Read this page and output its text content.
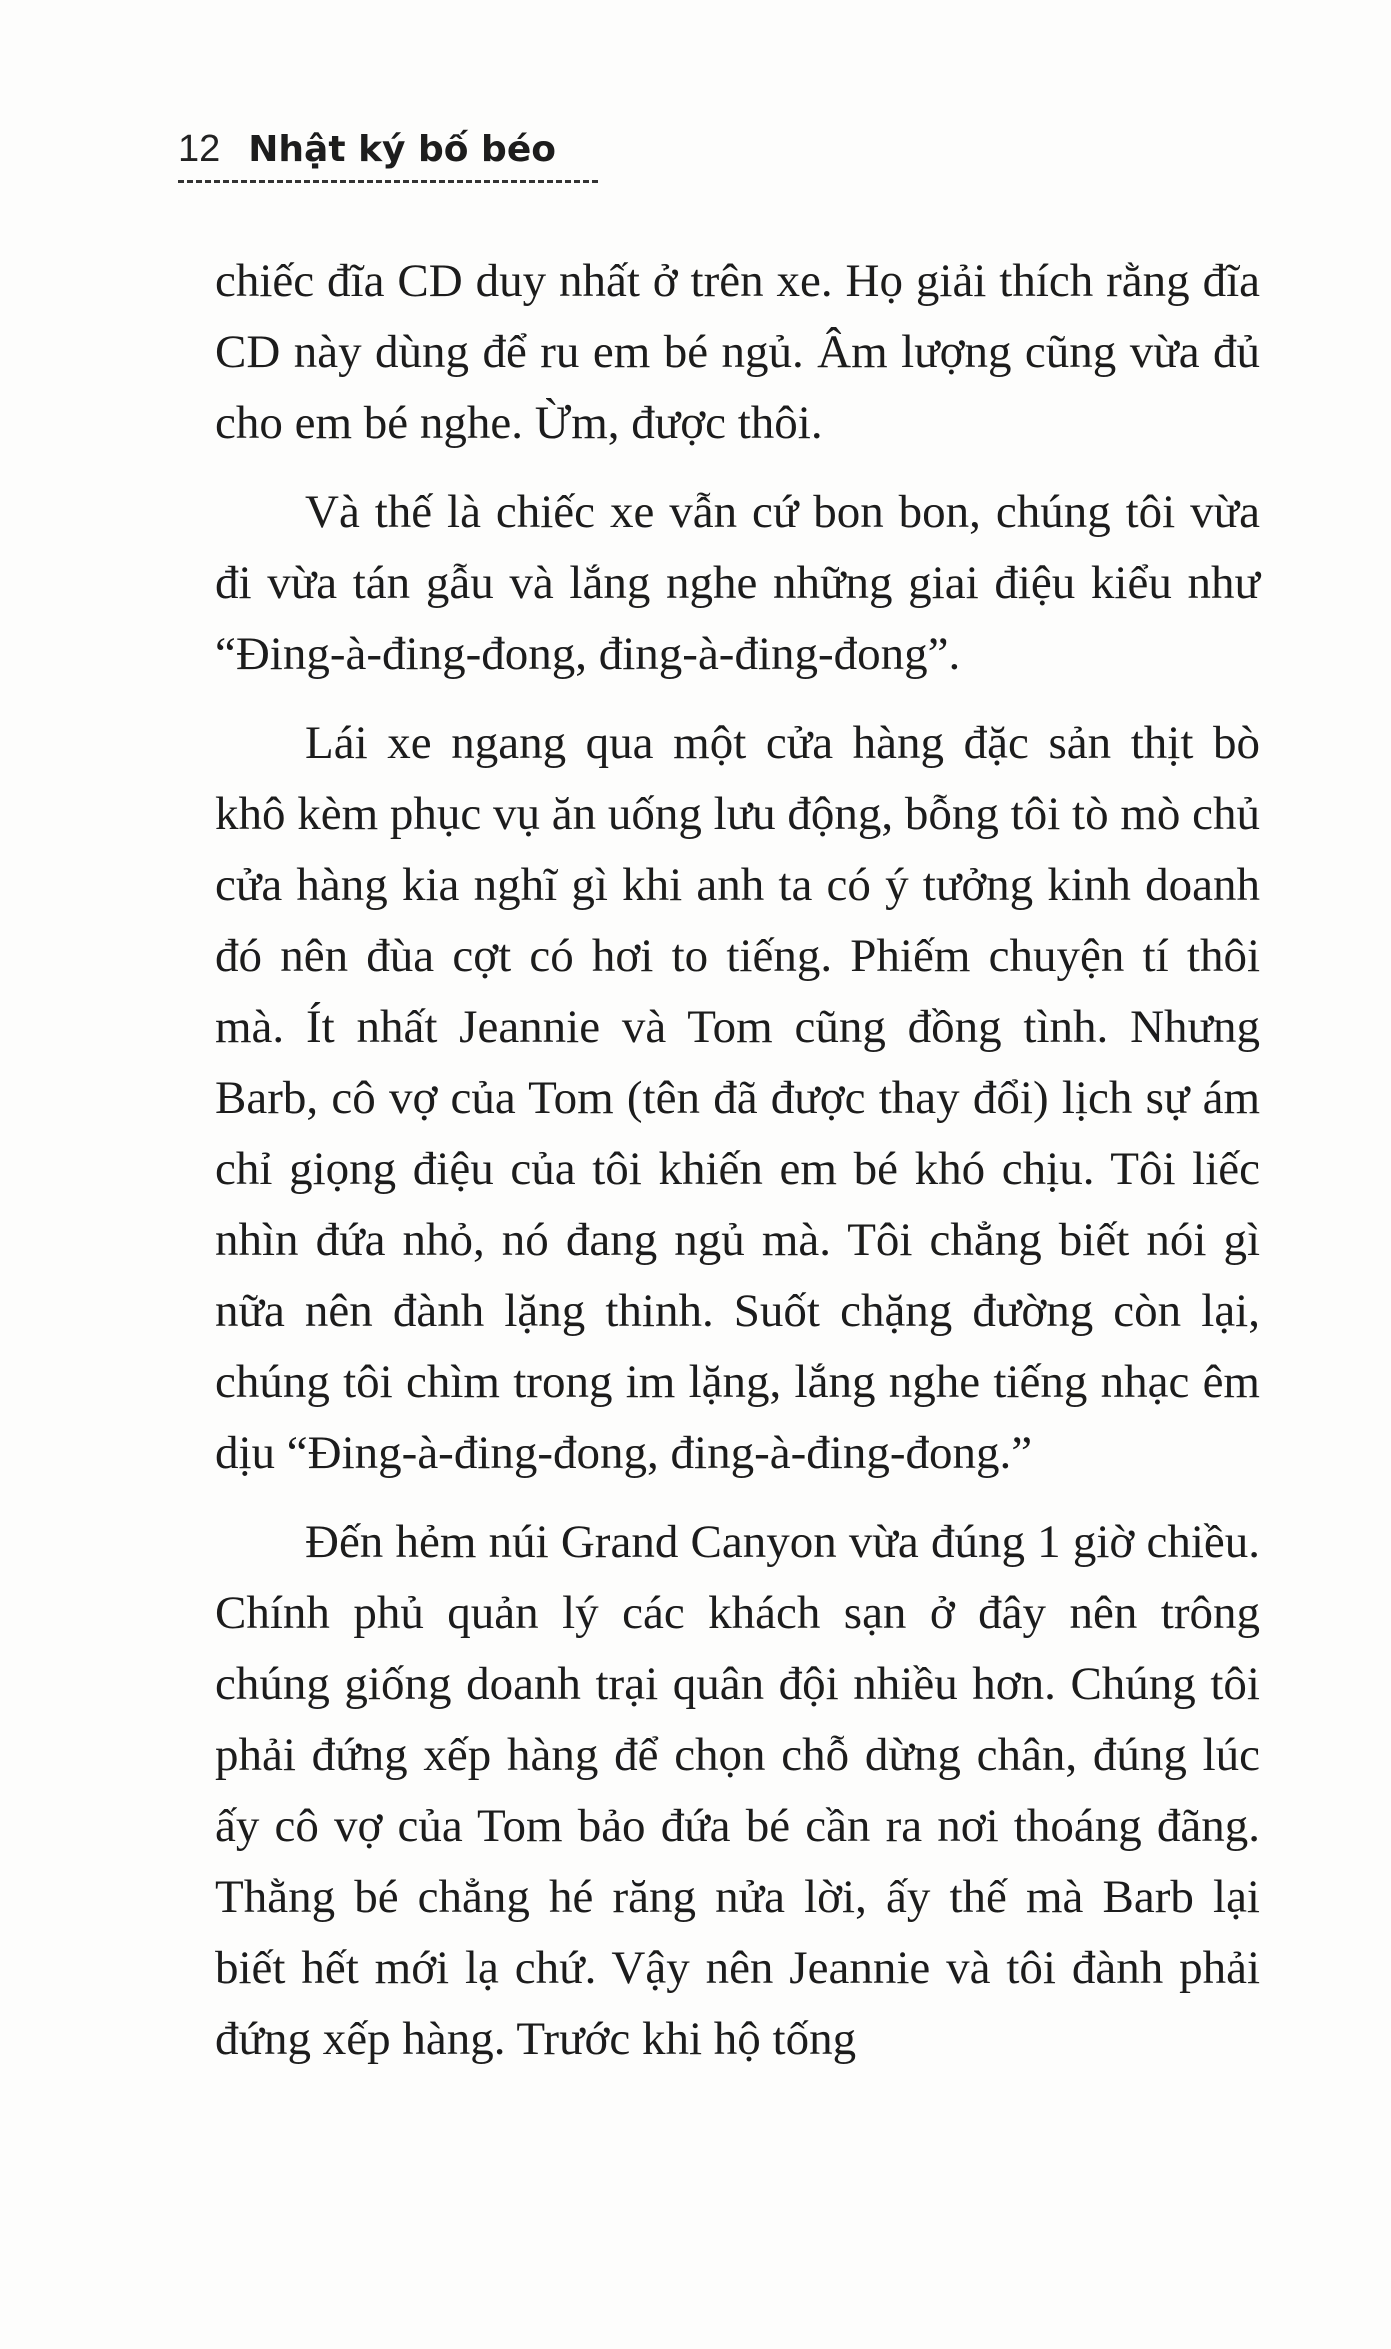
12 Nhật ký bố béo

chiếc đĩa CD duy nhất ở trên xe. Họ giải thích rằng đĩa CD này dùng để ru em bé ngủ. Âm lượng cũng vừa đủ cho em bé nghe. Ừm, được thôi.

Và thế là chiếc xe vẫn cứ bon bon, chúng tôi vừa đi vừa tán gẫu và lắng nghe những giai điệu kiểu như “Đing-à-đing-đong, đing-à-đing-đong”.

Lái xe ngang qua một cửa hàng đặc sản thịt bò khô kèm phục vụ ăn uống lưu động, bỗng tôi tò mò chủ cửa hàng kia nghĩ gì khi anh ta có ý tưởng kinh doanh đó nên đùa cợt có hơi to tiếng. Phiếm chuyện tí thôi mà. Ít nhất Jeannie và Tom cũng đồng tình. Nhưng Barb, cô vợ của Tom (tên đã được thay đổi) lịch sự ám chỉ giọng điệu của tôi khiến em bé khó chịu. Tôi liếc nhìn đứa nhỏ, nó đang ngủ mà. Tôi chẳng biết nói gì nữa nên đành lặng thinh. Suốt chặng đường còn lại, chúng tôi chìm trong im lặng, lắng nghe tiếng nhạc êm dịu “Đing-à-đing-đong, đing-à-đing-đong.”

Đến hẻm núi Grand Canyon vừa đúng 1 giờ chiều. Chính phủ quản lý các khách sạn ở đây nên trông chúng giống doanh trại quân đội nhiều hơn. Chúng tôi phải đứng xếp hàng để chọn chỗ dừng chân, đúng lúc ấy cô vợ của Tom bảo đứa bé cần ra nơi thoáng đãng. Thằng bé chẳng hé răng nửa lời, ấy thế mà Barb lại biết hết mới lạ chứ. Vậy nên Jeannie và tôi đành phải đứng xếp hàng. Trước khi hộ tống
